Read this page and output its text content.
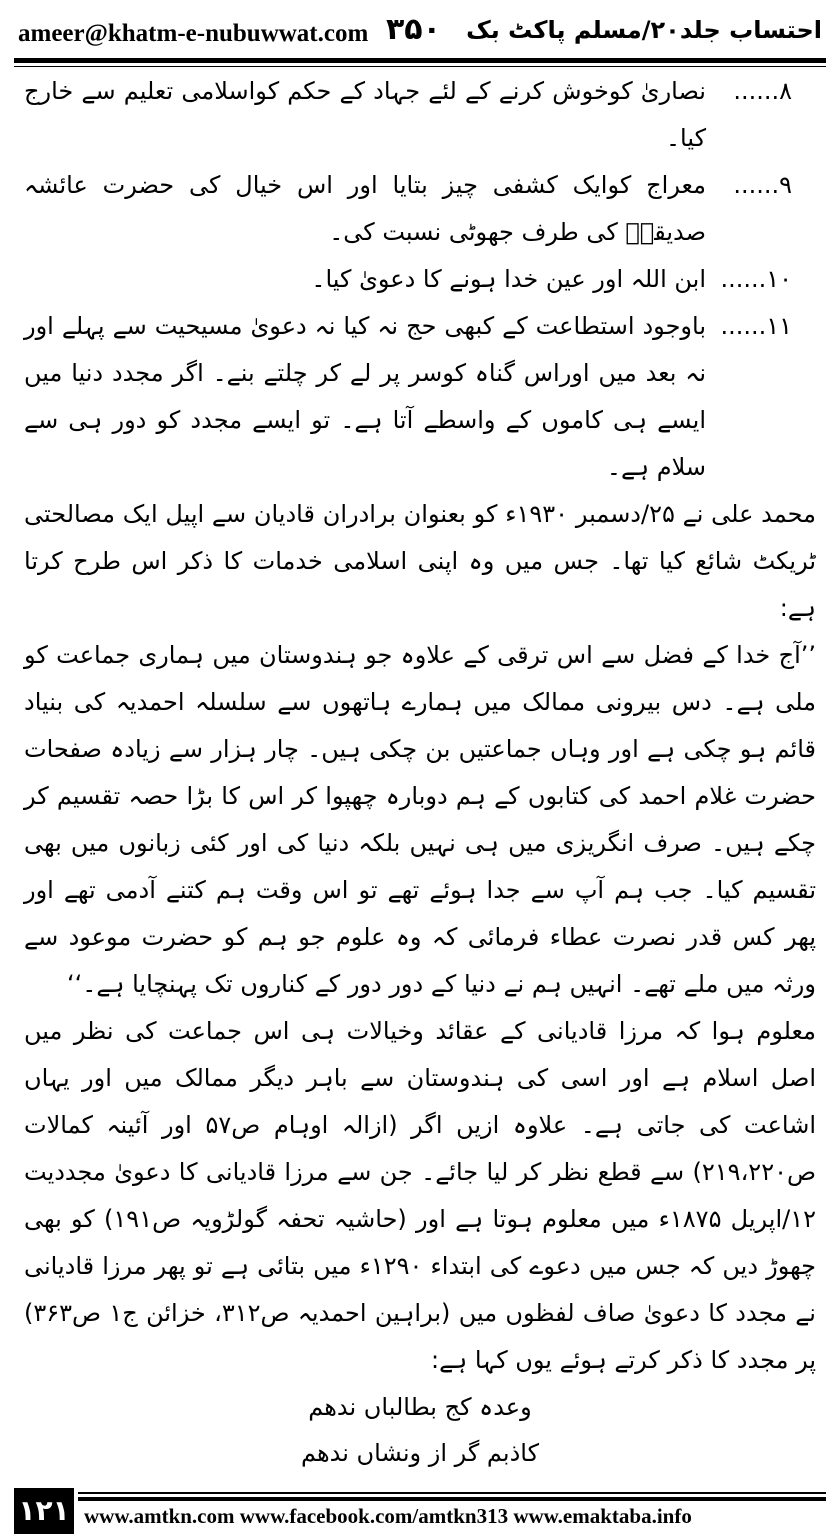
ameer@khatm-e-nubuwwat.com ۳۵۰ احتساب جلد۲۰/مسلم پاکٹ بک

۸......
نصاریٰ کوخوش کرنے کے لئے جہاد کے حکم کواسلامی تعلیم سے خارج کیا۔

۹......
معراج کوایک کشفی چیز بتایا اور اس خیال کی حضرت عائشہ صدیقہؓ کی طرف جھوٹی نسبت کی۔

۱۰......
ابن اللہ اور عین خدا ہونے کا دعویٰ کیا۔

۱۱......
باوجود استطاعت کے کبھی حج نہ کیا نہ دعویٰ مسیحیت سے پہلے اور نہ بعد میں اوراس گناہ کوسر پر لے کر چلتے بنے۔ اگر مجدد دنیا میں ایسے ہی کاموں کے واسطے آتا ہے۔ تو ایسے مجدد کو دور ہی سے سلام ہے۔

محمد علی نے ۲۵/دسمبر ۱۹۳۰ء کو بعنوان برادران قادیان سے اپیل ایک مصالحتی ٹریکٹ شائع کیا تھا۔ جس میں وہ اپنی اسلامی خدمات کا ذکر اس طرح کرتا ہے:

’’آج خدا کے فضل سے اس ترقی کے علاوہ جو ہندوستان میں ہماری جماعت کو ملی ہے۔ دس بیرونی ممالک میں ہمارے ہاتھوں سے سلسلہ احمدیہ کی بنیاد قائم ہو چکی ہے اور وہاں جماعتیں بن چکی ہیں۔ چار ہزار سے زیادہ صفحات حضرت غلام احمد کی کتابوں کے ہم دوبارہ چھپوا کر اس کا بڑا حصہ تقسیم کر چکے ہیں۔ صرف انگریزی میں ہی نہیں بلکہ دنیا کی اور کئی زبانوں میں بھی تقسیم کیا۔ جب ہم آپ سے جدا ہوئے تھے تو اس وقت ہم کتنے آدمی تھے اور پھر کس قدر نصرت عطاء فرمائی کہ وہ علوم جو ہم کو حضرت موعود سے ورثہ میں ملے تھے۔ انہیں ہم نے دنیا کے دور دور کے کناروں تک پہنچایا ہے۔‘‘

معلوم ہوا کہ مرزا قادیانی کے عقائد وخیالات ہی اس جماعت کی نظر میں اصل اسلام ہے اور اسی کی ہندوستان سے باہر دیگر ممالک میں اور یہاں اشاعت کی جاتی ہے۔ علاوہ ازیں اگر (ازالہ اوہام ص۵۷ اور آئینہ کمالات ص۲۱۹،۲۲۰) سے قطع نظر کر لیا جائے۔ جن سے مرزا قادیانی کا دعویٰ مجددیت ۱۲/اپریل ۱۸۷۵ء میں معلوم ہوتا ہے اور (حاشیہ تحفہ گولڑویہ ص۱۹۱) کو بھی چھوڑ دیں کہ جس میں دعوے کی ابتداء ۱۲۹۰ء میں بتائی ہے تو پھر مرزا قادیانی نے مجدد کا دعویٰ صاف لفظوں میں (براہین احمدیہ ص۳۱۲، خزائن ج۱ ص۳۶۳) پر مجدد کا ذکر کرتے ہوئے یوں کہا ہے:

وعدہ کج بطالباں ندھم

کاذبم گر از ونشاں ندھم

۱۲۱ www.amtkn.com www.facebook.com/amtkn313 www.emaktaba.info
